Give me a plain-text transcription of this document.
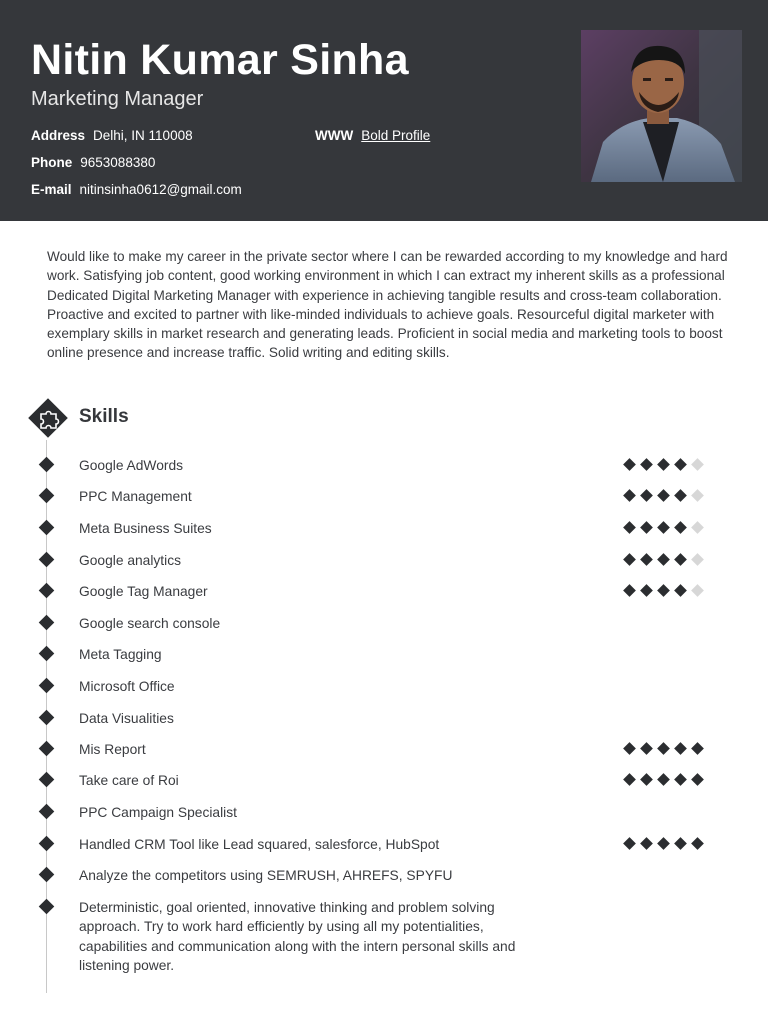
Nitin Kumar Sinha
Marketing Manager
Address Delhi, IN 110008	WWW Bold Profile
Phone 9653088380
E-mail nitinsinha0612@gmail.com

Would like to make my career in the private sector where I can be rewarded according to my knowledge and hard work. Satisfying job content, good working environment in which I can extract my inherent skills as a professional Dedicated Digital Marketing Manager with experience in achieving tangible results and cross-team collaboration. Proactive and excited to partner with like-minded individuals to achieve goals. Resourceful digital marketer with exemplary skills in market research and generating leads. Proficient in social media and marketing tools to boost online presence and increase traffic. Solid writing and editing skills.

Skills
Google AdWords
PPC Management
Meta Business Suites
Google analytics
Google Tag Manager
Google search console
Meta Tagging
Microsoft Office
Data Visualities
Mis Report
Take care of Roi
PPC Campaign Specialist
Handled CRM Tool like Lead squared, salesforce, HubSpot
Analyze the competitors using SEMRUSH, AHREFS, SPYFU
Deterministic, goal oriented, innovative thinking and problem solving approach. Try to work hard efficiently by using all my potentialities, capabilities and communication along with the intern personal skills and listening power.
